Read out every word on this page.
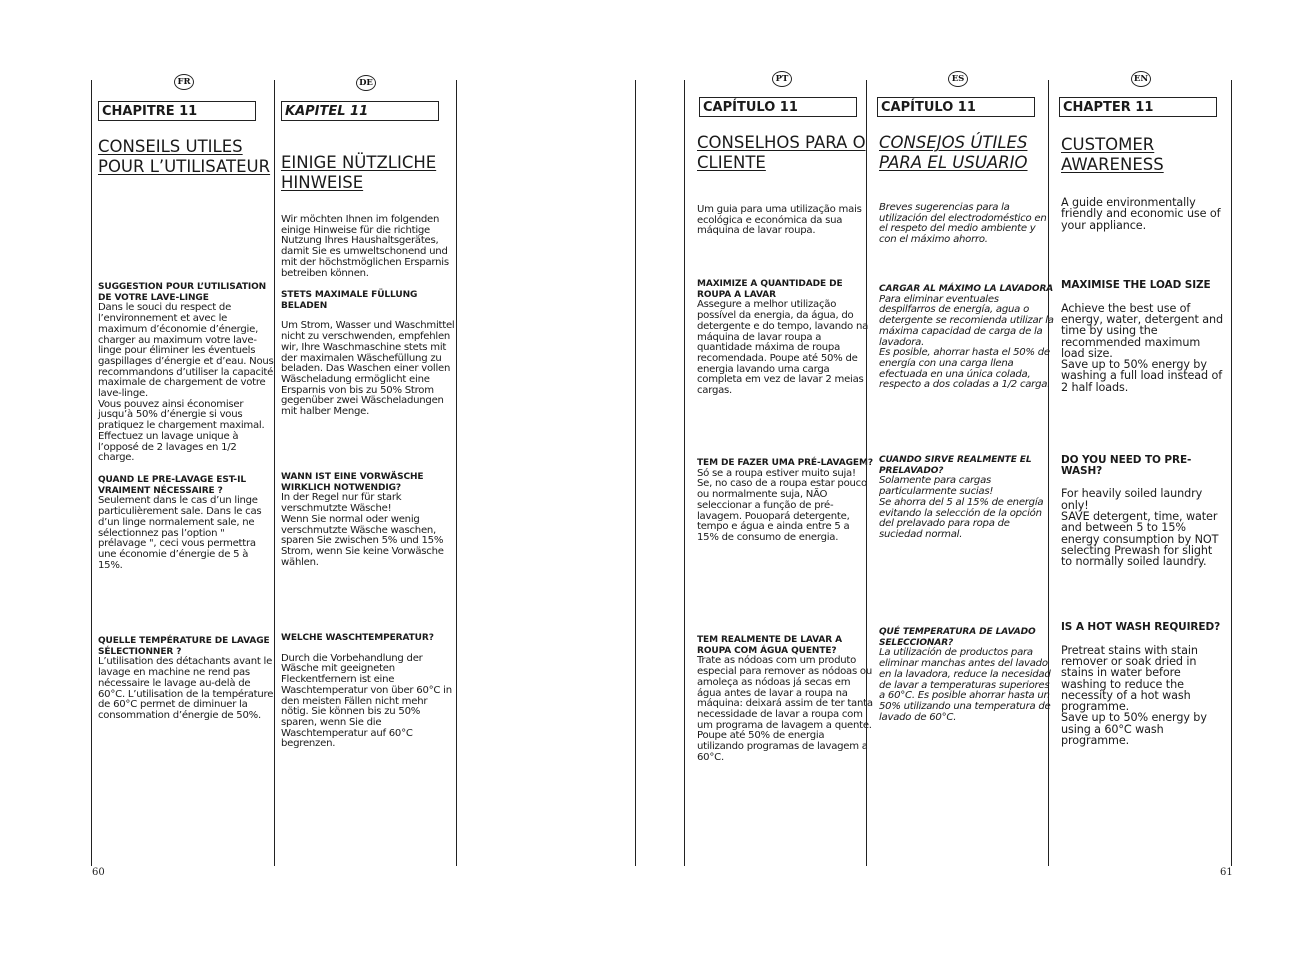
FR
CHAPITRE 11
CONSEILS UTILES POUR L’UTILISATEUR
SUGGESTION POUR L’UTILISATION DE VOTRE LAVE-LINGE
Dans le souci du respect de l’environnement et avec le maximum d’économie d’énergie, charger au maximum votre lave-linge pour éliminer les éventuels gaspillages d’énergie et d’eau. Nous recommandons d’utiliser la capacité maximale de chargement de votre lave-linge.
Vous pouvez ainsi économiser jusqu’à 50% d’énergie si vous pratiquez le chargement maximal. Effectuez un lavage unique à l’opposé de 2 lavages en 1/2 charge.
QUAND LE PRE-LAVAGE EST-IL VRAIMENT NÉCESSAIRE ?
Seulement dans le cas d’un linge particulièrement sale. Dans le cas d’un linge normalement sale, ne sélectionnez pas l’option " prélavage ", ceci vous permettra une économie d’énergie de 5 à 15%.
QUELLE TEMPÉRATURE DE LAVAGE SÉLECTIONNER ?
L’utilisation des détachants avant le lavage en machine ne rend pas nécessaire le lavage au-delà de 60°C. L’utilisation de la température de 60°C permet de diminuer la consommation d’énergie de 50%.
DE
KAPITEL 11
EINIGE NÜTZLICHE HINWEISE
Wir möchten Ihnen im folgenden einige Hinweise für die richtige Nutzung Ihres Haushaltsgerätes, damit Sie es umweltschonend und mit der höchstmöglichen Ersparnis betreiben können.
STETS MAXIMALE FÜLLUNG BELADEN
Um Strom, Wasser und Waschmittel nicht zu verschwenden, empfehlen wir, Ihre Waschmaschine stets mit der maximalen Wäschefüllung zu beladen. Das Waschen einer vollen Wäscheladung ermöglicht eine Ersparnis von bis zu 50% Strom gegenüber zwei Wäscheladungen mit halber Menge.
WANN IST EINE VORWÄSCHE WIRKLICH NOTWENDIG?
In der Regel nur für stark verschmutzte Wäsche!
Wenn Sie normal oder wenig verschmutzte Wäsche waschen, sparen Sie zwischen 5% und 15% Strom, wenn Sie keine Vorwäsche wählen.
WELCHE WASCHTEMPERATUR?
Durch die Vorbehandlung der Wäsche mit geeigneten Fleckentfernern ist eine Waschtemperatur von über 60°C in den meisten Fällen nicht mehr nötig. Sie können bis zu 50% sparen, wenn Sie die Waschtemperatur auf 60°C begrenzen.
PT
CAPÍTULO 11
CONSELHOS PARA O CLIENTE
Um guia para uma utilização mais ecológica e económica da sua máquina de lavar roupa.
MAXIMIZE A QUANTIDADE DE ROUPA A LAVAR
Assegure a melhor utilização possível da energia, da água, do detergente e do tempo, lavando na máquina de lavar roupa a quantidade máxima de roupa recomendada. Poupe até 50% de energia lavando uma carga completa em vez de lavar 2 meias cargas.
TEM DE FAZER UMA PRÉ-LAVAGEM?
Só se a roupa estiver muito suja!
Se, no caso de a roupa estar pouco ou normalmente suja, NÃO seleccionar a função de pré-lavagem. Pouopará detergente, tempo e água e ainda entre 5 a 15% de consumo de energia.
TEM REALMENTE DE LAVAR A ROUPA COM ÁGUA QUENTE?
Trate as nódoas com um produto especial para remover as nódoas ou amoleça as nódoas já secas em água antes de lavar a roupa na máquina: deixará assim de ter tanta necessidade de lavar a roupa com um programa de lavagem a quente.
Poupe até 50% de energia utilizando programas de lavagem a 60°C.
ES
CAPÍTULO 11
CONSEJOS ÚTILES PARA EL USUARIO
Breves sugerencias para la utilización del electrodoméstico en el respeto del medio ambiente y con el máximo ahorro.
CARGAR AL MÁXIMO LA LAVADORA
Para eliminar eventuales despilfarros de energía, agua o detergente se recomienda utilizar la máxima capacidad de carga de la lavadora.
Es posible, ahorrar hasta el 50% de energía con una carga llena efectuada en una única colada, respecto a dos coladas a 1/2 carga.
CUANDO SIRVE REALMENTE EL PRELAVADO?
Solamente para cargas particularmente sucias!
Se ahorra del 5 al 15% de energía evitando la selección de la opción del prelavado para ropa de suciedad normal.
QUÉ TEMPERATURA DE LAVADO SELECCIONAR?
La utilización de productos para eliminar manchas antes del lavado en la lavadora, reduce la necesidad de lavar a temperaturas superiores a 60°C. Es posible ahorrar hasta un 50% utilizando una temperatura de lavado de 60°C.
EN
CHAPTER 11
CUSTOMER AWARENESS
A guide environmentally friendly and economic use of your appliance.
MAXIMISE THE LOAD SIZE
Achieve the best use of energy, water, detergent and time by using the recommended maximum load size.
Save up to 50% energy by washing a full load instead of 2 half loads.
DO YOU NEED TO PRE-WASH?
For heavily soiled laundry only!
SAVE detergent, time, water and between 5 to 15% energy consumption by NOT selecting Prewash for slight to normally soiled laundry.
IS A HOT WASH REQUIRED?
Pretreat stains with stain remover or soak dried in stains in water before washing to reduce the necessity of a hot wash programme.
Save up to 50% energy by using a 60°C wash programme.
60	61
